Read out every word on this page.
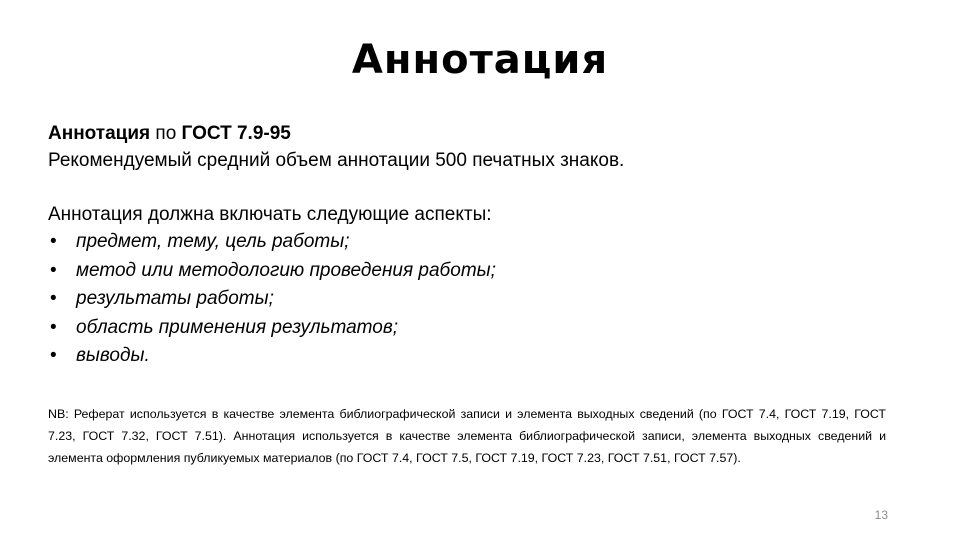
Аннотация
Аннотация по ГОСТ 7.9-95
Рекомендуемый средний объем аннотации 500 печатных знаков.
Аннотация должна включать следующие аспекты:
• предмет, тему, цель работы;
• метод или методологию проведения работы;
• результаты работы;
• область применения результатов;
• выводы.

NB: Реферат используется в качестве элемента библиографической записи и элемента выходных сведений (по ГОСТ 7.4, ГОСТ 7.19, ГОСТ 7.23, ГОСТ 7.32, ГОСТ 7.51). Аннотация используется в качестве элемента библиографической записи, элемента выходных сведений и элемента оформления публикуемых материалов (по ГОСТ 7.4, ГОСТ 7.5, ГОСТ 7.19, ГОСТ 7.23, ГОСТ 7.51, ГОСТ 7.57).

13
